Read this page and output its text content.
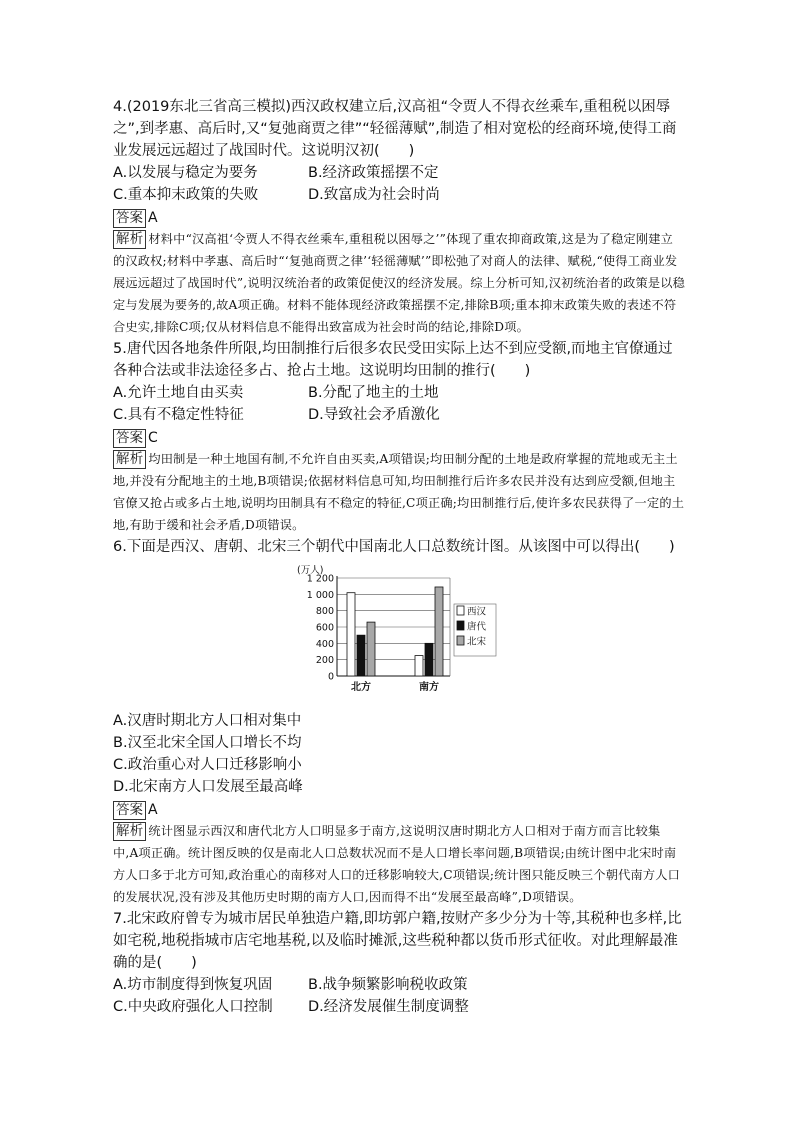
4.(2019东北三省高三模拟)西汉政权建立后,汉高祖“令贾人不得衣丝乘车,重租税以困辱之”,到孝惠、高后时,又“复弛商贾之律”“轻徭薄赋”,制造了相对宽松的经商环境,使得工商业发展远远超过了战国时代。这说明汉初(　　)

A.以发展与稳定为要务	B.经济政策摇摆不定
C.重本抑末政策的失败	D.致富成为社会时尚

答案 A

解析 材料中“汉高祖‘令贾人不得衣丝乘车,重租税以困辱之’”体现了重农抑商政策,这是为了稳定刚建立的汉政权;材料中孝惠、高后时“‘复弛商贾之律’‘轻徭薄赋’”即松弛了对商人的法律、赋税,“使得工商业发展远远超过了战国时代”,说明汉统治者的政策促使汉的经济发展。综上分析可知,汉初统治者的政策是以稳定与发展为要务的,故A项正确。材料不能体现经济政策摇摆不定,排除B项;重本抑末政策失败的表述不符合史实,排除C项;仅从材料信息不能得出致富成为社会时尚的结论,排除D项。

5.唐代因各地条件所限,均田制推行后很多农民受田实际上达不到应受额,而地主官僚通过各种合法或非法途径多占、抢占土地。这说明均田制的推行(　　)

A.允许土地自由买卖	B.分配了地主的土地
C.具有不稳定性特征	D.导致社会矛盾激化

答案 C

解析 均田制是一种土地国有制,不允许自由买卖,A项错误;均田制分配的土地是政府掌握的荒地或无主土地,并没有分配地主的土地,B项错误;依据材料信息可知,均田制推行后许多农民并没有达到应受额,但地主官僚又抢占或多占土地,说明均田制具有不稳定的特征,C项正确;均田制推行后,使许多农民获得了一定的土地,有助于缓和社会矛盾,D项错误。

6.下面是西汉、唐朝、北宋三个朝代中国南北人口总数统计图。从该图中可以得出(　　)

(万人)
0
200
400
600
800
1 000
1 200
北方	南方
西汉
唐代
北宋
A.汉唐时期北方人口相对集中
B.汉至北宋全国人口增长不均
C.政治重心对人口迁移影响小
D.北宋南方人口发展至最高峰

答案 A

解析 统计图显示西汉和唐代北方人口明显多于南方,这说明汉唐时期北方人口相对于南方而言比较集中,A项正确。统计图反映的仅是南北人口总数状况而不是人口增长率问题,B项错误;由统计图中北宋时南方人口多于北方可知,政治重心的南移对人口的迁移影响较大,C项错误;统计图只能反映三个朝代南方人口的发展状况,没有涉及其他历史时期的南方人口,因而得不出“发展至最高峰”,D项错误。

7.北宋政府曾专为城市居民单独造户籍,即坊郭户籍,按财产多少分为十等,其税种也多样,比如宅税,地税指城市店宅地基税,以及临时摊派,这些税种都以货币形式征收。对此理解最准确的是(　　)

A.坊市制度得到恢复巩固	B.战争频繁影响税收政策
C.中央政府强化人口控制	D.经济发展催生制度调整
